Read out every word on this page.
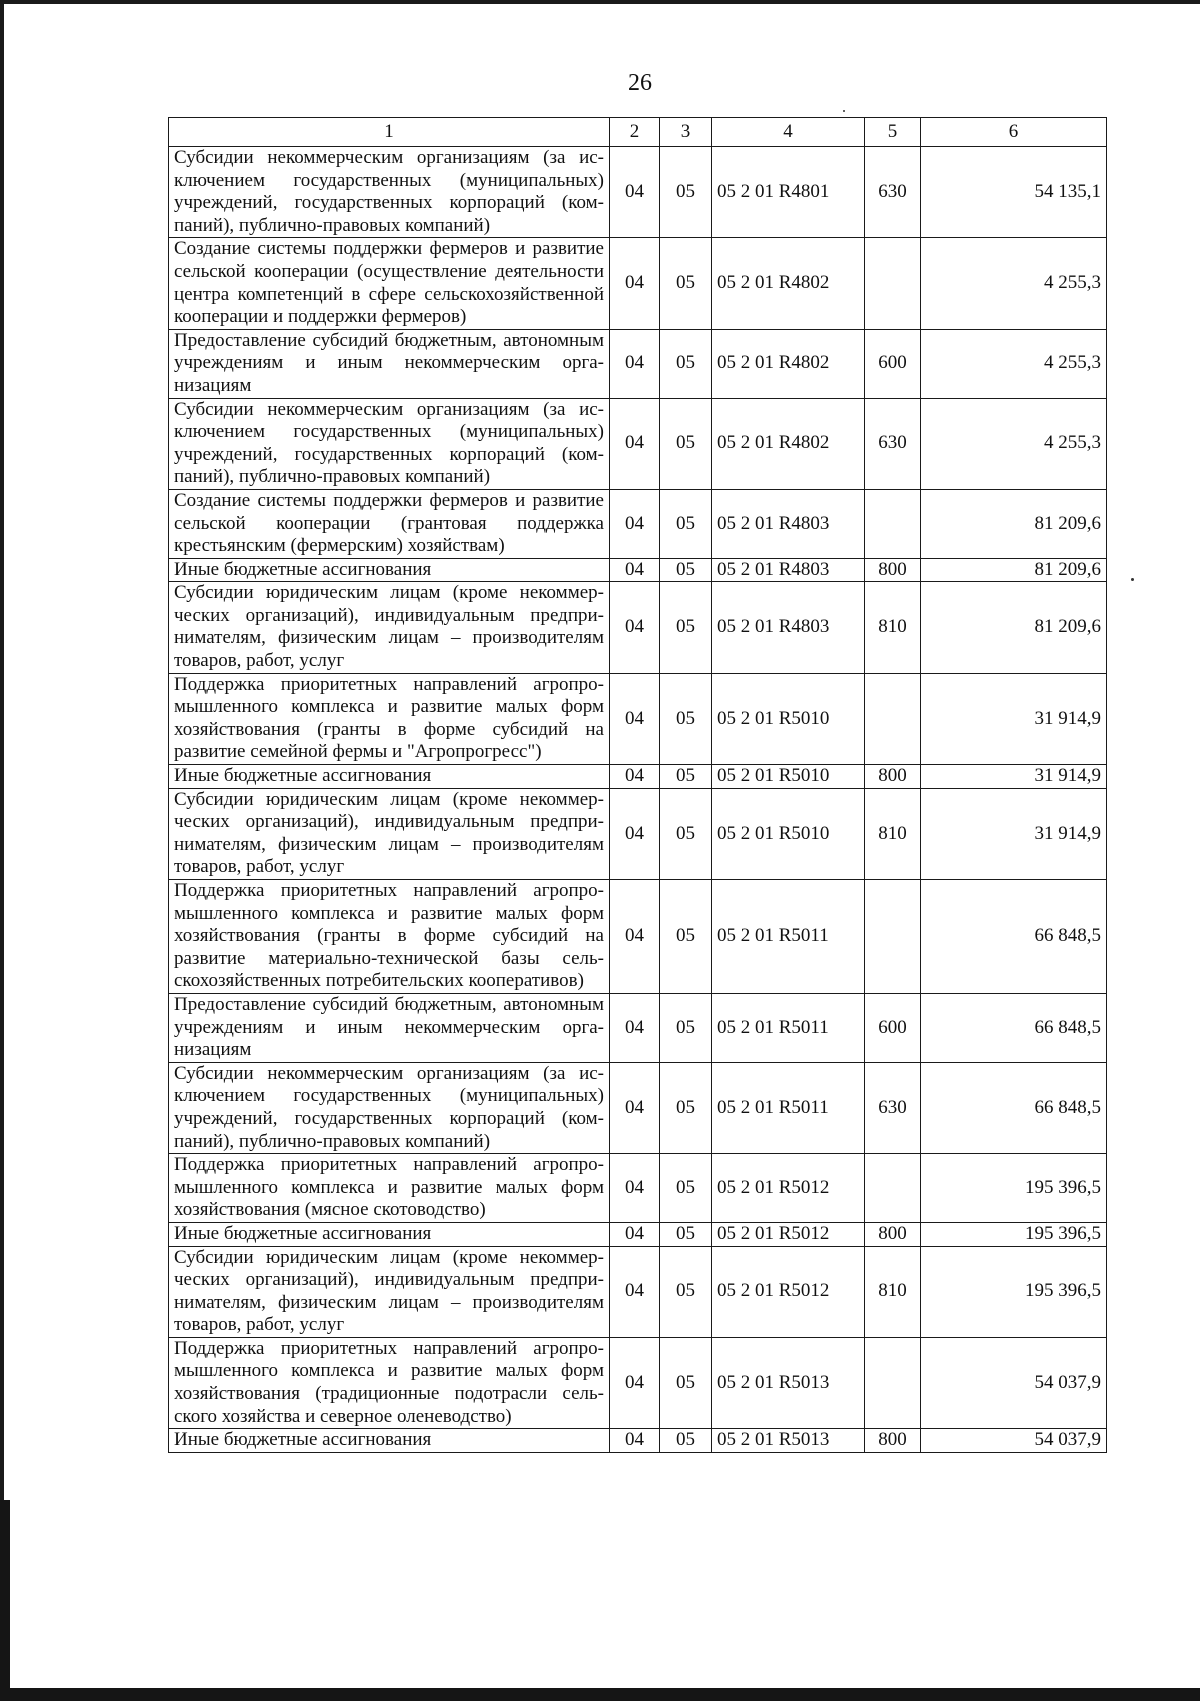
26
1	2	3	4	5	6
Субсидии некоммерческим организациям (за исключением государственных (муниципальных) учреждений, государственных корпораций (компаний), публично-правовых компаний)	04	05	05 2 01 R4801	630	54 135,1
Создание системы поддержки фермеров и развитие сельской кооперации (осуществление деятельности центра компетенций в сфере сельскохозяйственной кооперации и поддержки фермеров)	04	05	05 2 01 R4802		4 255,3
Предоставление субсидий бюджетным, автономным учреждениям и иным некоммерческим организациям	04	05	05 2 01 R4802	600	4 255,3
Субсидии некоммерческим организациям (за исключением государственных (муниципальных) учреждений, государственных корпораций (компаний), публично-правовых компаний)	04	05	05 2 01 R4802	630	4 255,3
Создание системы поддержки фермеров и развитие сельской кооперации (грантовая поддержка крестьянским (фермерским) хозяйствам)	04	05	05 2 01 R4803		81 209,6
Иные бюджетные ассигнования	04	05	05 2 01 R4803	800	81 209,6
Субсидии юридическим лицам (кроме некоммерческих организаций), индивидуальным предпринимателям, физическим лицам – производителям товаров, работ, услуг	04	05	05 2 01 R4803	810	81 209,6
Поддержка приоритетных направлений агропромышленного комплекса и развитие малых форм хозяйствования (гранты в форме субсидий на развитие семейной фермы и "Агропрогресс")	04	05	05 2 01 R5010		31 914,9
Иные бюджетные ассигнования	04	05	05 2 01 R5010	800	31 914,9
Субсидии юридическим лицам (кроме некоммерческих организаций), индивидуальным предпринимателям, физическим лицам – производителям товаров, работ, услуг	04	05	05 2 01 R5010	810	31 914,9
Поддержка приоритетных направлений агропромышленного комплекса и развитие малых форм хозяйствования (гранты в форме субсидий на развитие материально-технической базы сельскохозяйственных потребительских кооперативов)	04	05	05 2 01 R5011		66 848,5
Предоставление субсидий бюджетным, автономным учреждениям и иным некоммерческим организациям	04	05	05 2 01 R5011	600	66 848,5
Субсидии некоммерческим организациям (за исключением государственных (муниципальных) учреждений, государственных корпораций (компаний), публично-правовых компаний)	04	05	05 2 01 R5011	630	66 848,5
Поддержка приоритетных направлений агропромышленного комплекса и развитие малых форм хозяйствования (мясное скотоводство)	04	05	05 2 01 R5012		195 396,5
Иные бюджетные ассигнования	04	05	05 2 01 R5012	800	195 396,5
Субсидии юридическим лицам (кроме некоммерческих организаций), индивидуальным предпринимателям, физическим лицам – производителям товаров, работ, услуг	04	05	05 2 01 R5012	810	195 396,5
Поддержка приоритетных направлений агропромышленного комплекса и развитие малых форм хозяйствования (традиционные подотрасли сельского хозяйства и северное оленеводство)	04	05	05 2 01 R5013		54 037,9
Иные бюджетные ассигнования	04	05	05 2 01 R5013	800	54 037,9
